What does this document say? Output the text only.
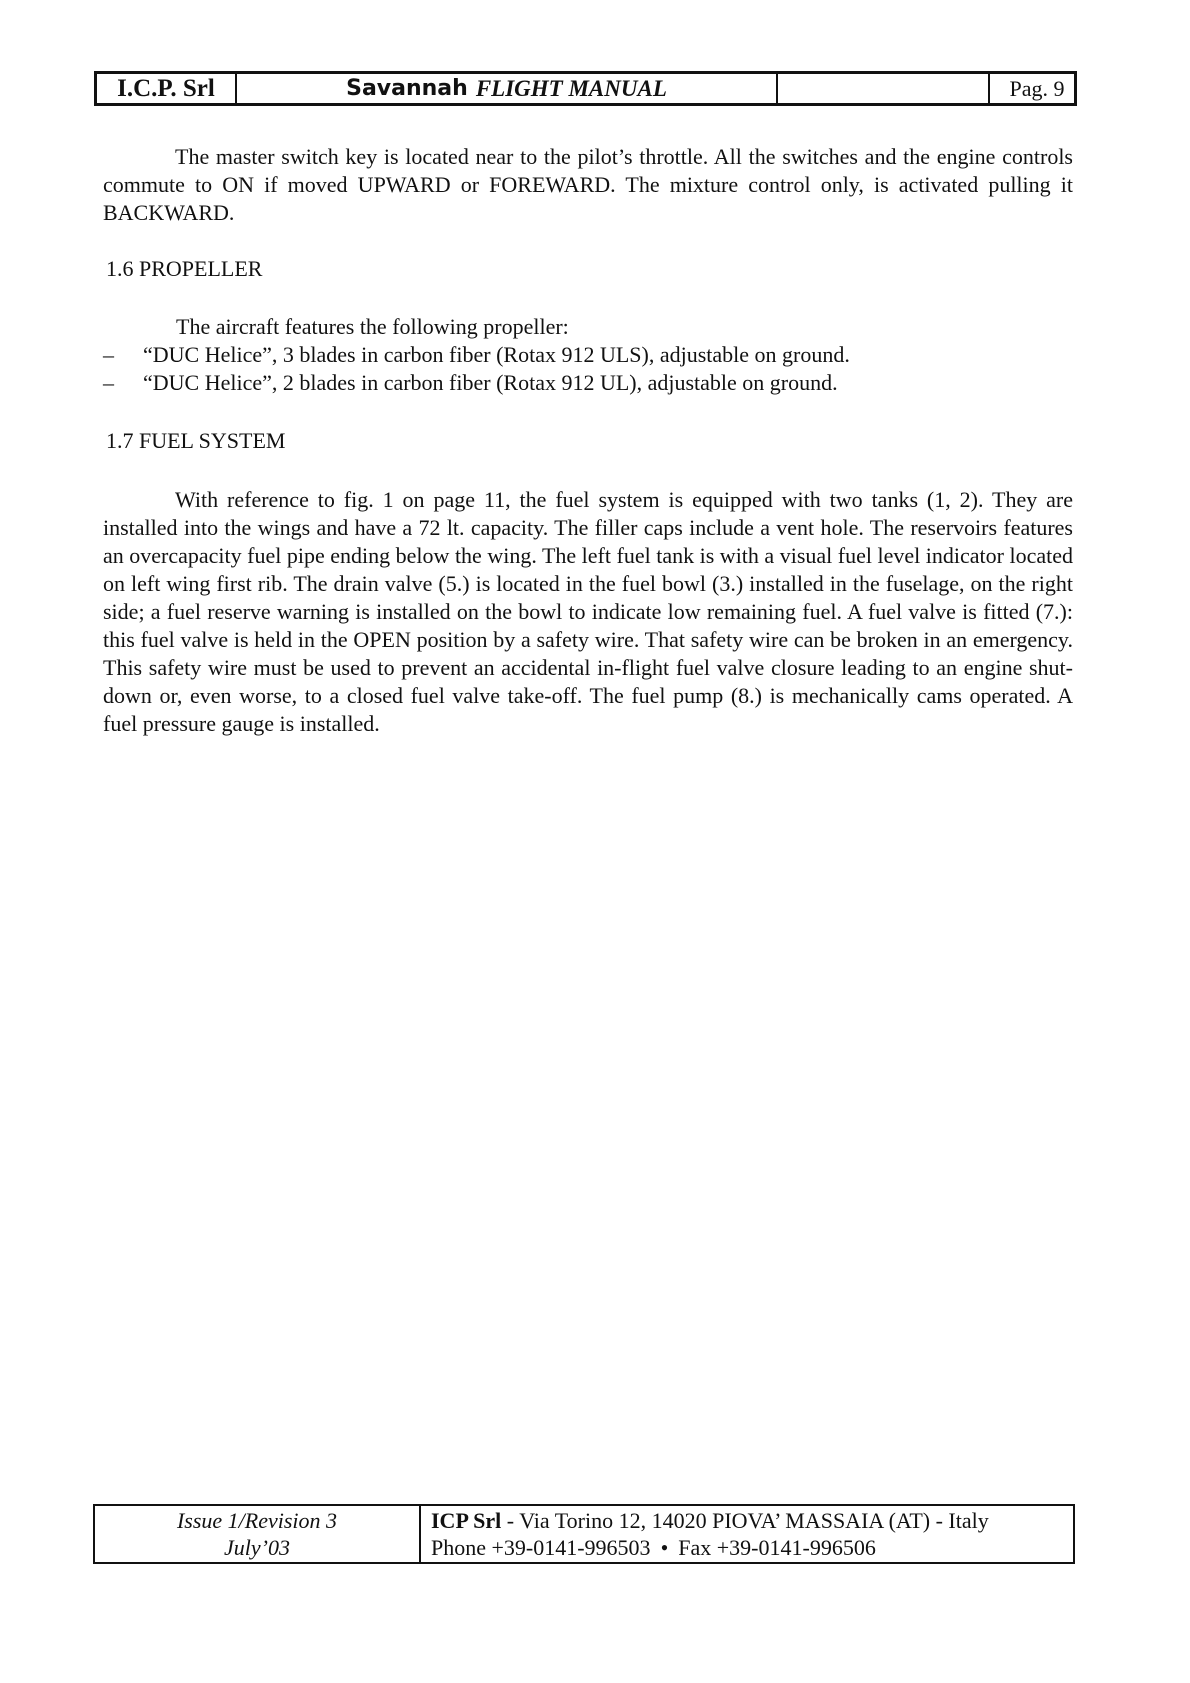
I.C.P. Srl	Savannah FLIGHT MANUAL	Pag. 9

The master switch key is located near to the pilot’s throttle. All the switches and the engine controls commute to ON if moved UPWARD or FOREWARD. The mixture control only, is activated pulling it BACKWARD.

1.6 PROPELLER

The aircraft features the following propeller:

–	“DUC Helice”, 3 blades in carbon fiber (Rotax 912 ULS), adjustable on ground.
–	“DUC Helice”, 2 blades in carbon fiber (Rotax 912 UL), adjustable on ground.

1.7 FUEL SYSTEM

With reference to fig. 1 on page 11, the fuel system is equipped with two tanks (1, 2). They are installed into the wings and have a 72 lt. capacity. The filler caps include a vent hole. The reservoirs features an overcapacity fuel pipe ending below the wing. The left fuel tank is with a visual fuel level indicator located on left wing first rib. The drain valve (5.) is located in the fuel bowl (3.) installed in the fuselage, on the right side; a fuel reserve warning is installed on the bowl to indicate low remaining fuel. A fuel valve is fitted (7.): this fuel valve is held in the OPEN position by a safety wire. That safety wire can be broken in an emergency. This safety wire must be used to prevent an accidental in-flight fuel valve closure leading to an engine shut-down or, even worse, to a closed fuel valve take-off. The fuel pump (8.) is mechanically cams operated. A fuel pressure gauge is installed.

Issue 1/Revision 3
July’03
ICP Srl - Via Torino 12, 14020 PIOVA’ MASSAIA (AT) - Italy
Phone +39-0141-996503 • Fax +39-0141-996506
